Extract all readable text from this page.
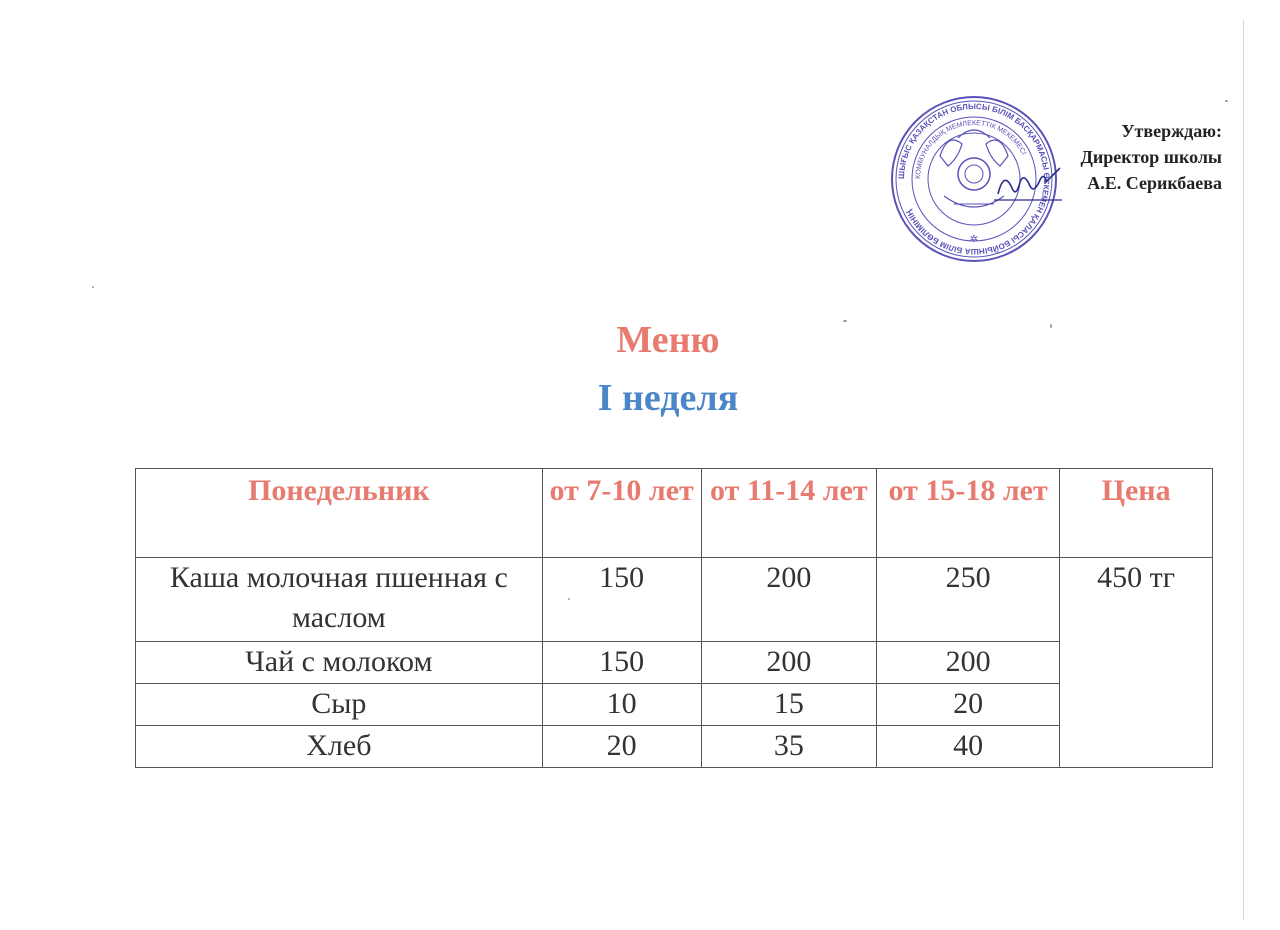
ШЫҒЫС ҚАЗАҚСТАН ОБЛЫСЫ БІЛІМ БАСҚАРМАСЫ ӨСКЕМЕН ҚАЛАСЫ БОЙЫНША БІЛІМ БӨЛІМІНІҢ
КОММУНАЛДЫҚ МЕМЛЕКЕТТІК МЕКЕМЕСІ
✲
Утверждаю:
Директор школы
А.Е. Серикбаева
Меню
I неделя
Понедельник	от 7-10 лет	от 11-14 лет	от 15-18 лет	Цена
Каша молочная пшенная с маслом	150	200	250	450 тг
Чай с молоком	150	200	200	
Сыр	10	15	20	
Хлеб	20	35	40	
